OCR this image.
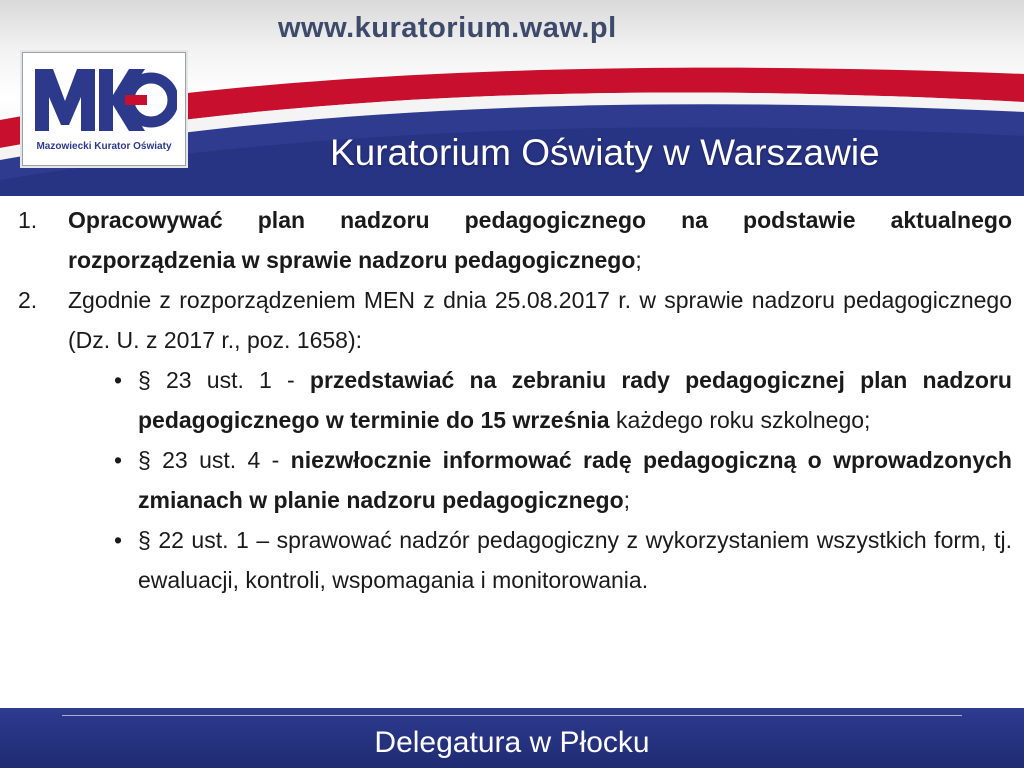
www.kuratorium.waw.pl
Mazowiecki Kurator Oświaty	Kuratorium Oświaty w Warszawie
1. Opracowywać plan nadzoru pedagogicznego na podstawie aktualnego rozporządzenia w sprawie nadzoru pedagogicznego;
2. Zgodnie z rozporządzeniem MEN z dnia 25.08.2017 r. w sprawie nadzoru pedagogicznego (Dz. U. z 2017 r., poz. 1658):
• § 23 ust. 1 - przedstawiać na zebraniu rady pedagogicznej plan nadzoru pedagogicznego w terminie do 15 września każdego roku szkolnego;
• § 23 ust. 4 - niezwłocznie informować radę pedagogiczną o wprowadzonych zmianach w planie nadzoru pedagogicznego;
• § 22 ust. 1 – sprawować nadzór pedagogiczny z wykorzystaniem wszystkich form, tj. ewaluacji, kontroli, wspomagania i monitorowania.
Delegatura w Płocku
